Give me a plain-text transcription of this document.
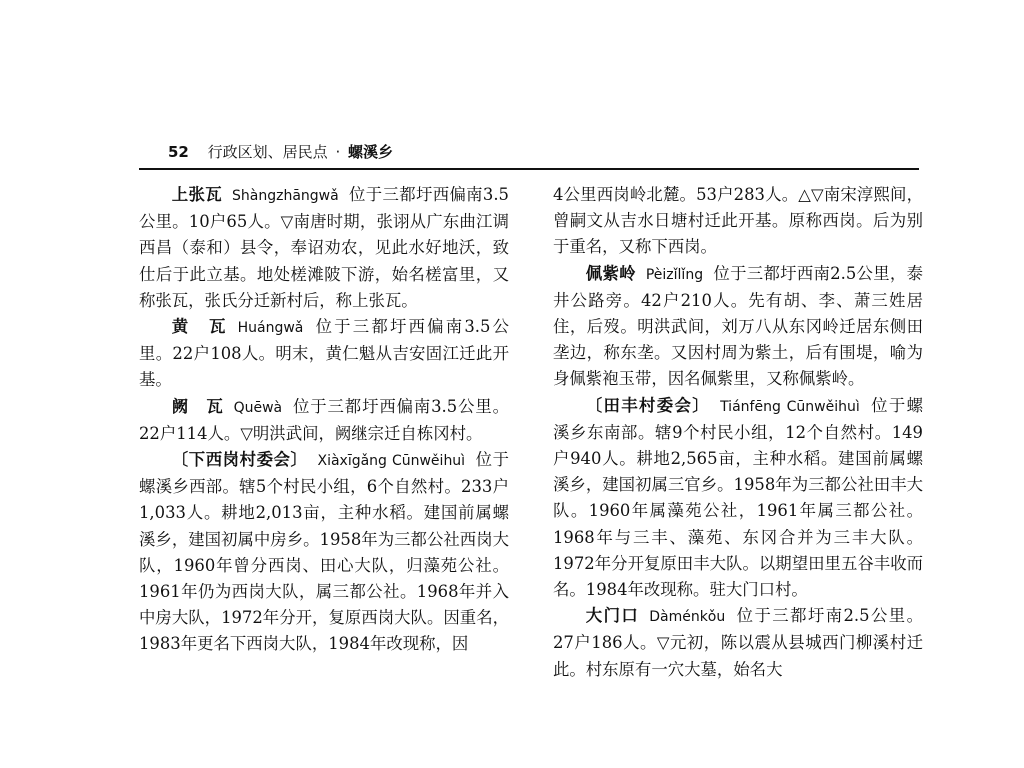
52 行政区划、居民点 · 螺溪乡

上张瓦 Shàngzhāngwǎ 位于三都圩西偏南3.5公里。10户65人。▽南唐时期，张诩从广东曲江调西昌（泰和）县令，奉诏劝农，见此水好地沃，致仕后于此立基。地处槎滩陂下游，始名槎富里，又称张瓦，张氏分迁新村后，称上张瓦。

黄　瓦 Huángwǎ 位于三都圩西偏南3.5公里。22户108人。明末，黄仁魁从吉安固江迁此开基。

阙　瓦 Quēwà 位于三都圩西偏南3.5公里。22户114人。▽明洪武间，阙继宗迁自栋冈村。

〔下西岗村委会〕 Xiàxīgǎng Cūnwěihuì 位于螺溪乡西部。辖5个村民小组，6个自然村。233户1,033人。耕地2,013亩，主种水稻。建国前属螺溪乡，建国初属中房乡。1958年为三都公社西岗大队，1960年曾分西岗、田心大队，归藻苑公社。1961年仍为西岗大队，属三都公社。1968年并入中房大队，1972年分开，复原西岗大队。因重名，1983年更名下西岗大队，1984年改现称，因

4公里西岗岭北麓。53户283人。△▽南宋淳熙间，曾嗣文从吉水日塘村迁此开基。原称西岗。后为别于重名，又称下西岗。

佩紫岭 Pèizǐlǐng 位于三都圩西南2.5公里，泰井公路旁。42户210人。先有胡、李、萧三姓居住，后歿。明洪武间，刘万八从东冈岭迁居东侧田垄边，称东垄。又因村周为紫土，后有围堤，喻为身佩紫袍玉带，因名佩紫里，又称佩紫岭。

〔田丰村委会〕 Tiánfēng Cūnwěihuì 位于螺溪乡东南部。辖9个村民小组，12个自然村。149户940人。耕地2,565亩，主种水稻。建国前属螺溪乡，建国初属三官乡。1958年为三都公社田丰大队。1960年属藻苑公社，1961年属三都公社。1968年与三丰、藻苑、东冈合并为三丰大队。1972年分开复原田丰大队。以期望田里五谷丰收而名。1984年改现称。驻大门口村。

大门口 Dàménkǒu 位于三都圩南2.5公里。27户186人。▽元初，陈以震从县城西门柳溪村迁此。村东原有一穴大墓，始名大
